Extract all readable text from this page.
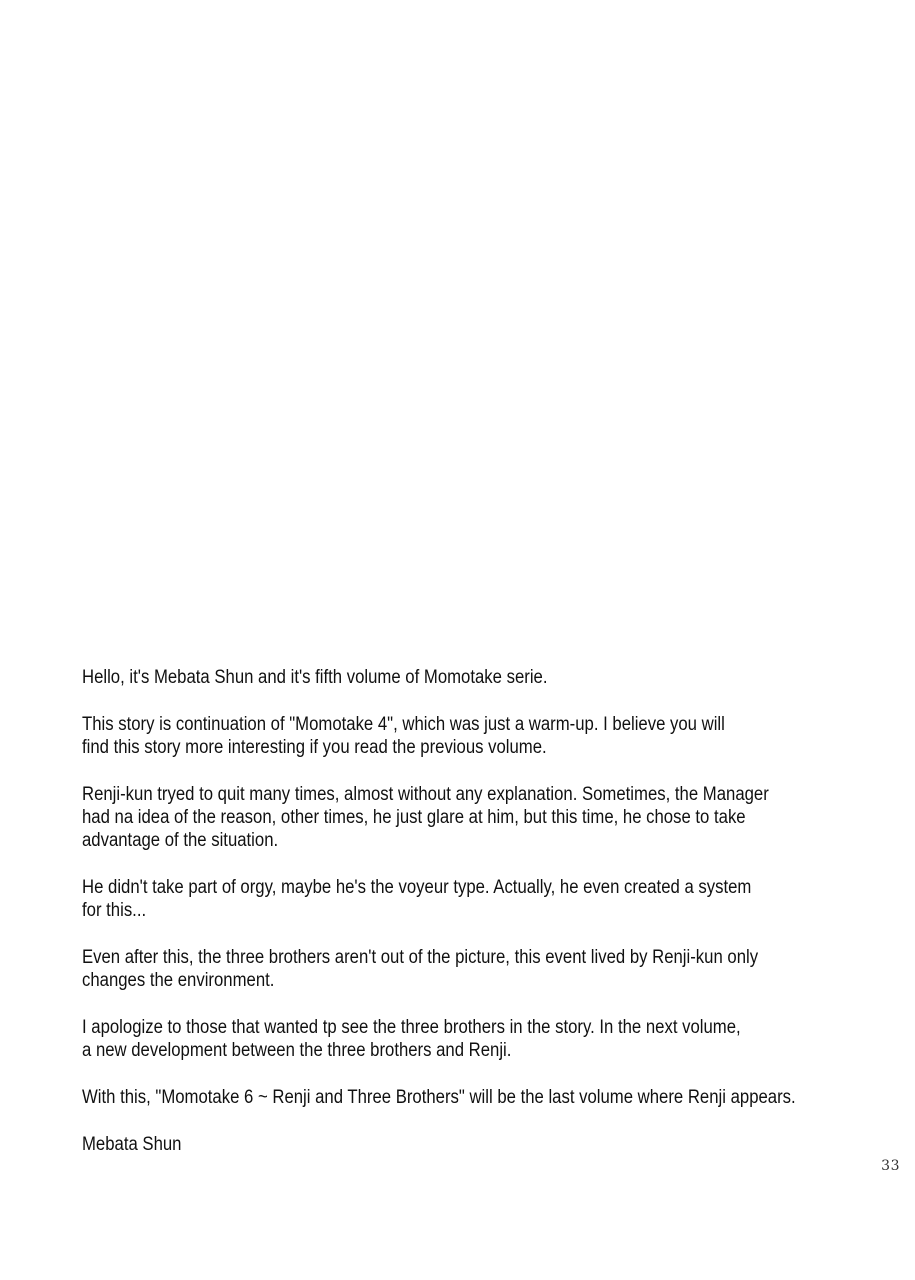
Hello, it's Mebata Shun and it's fifth volume of Momotake serie.

This story is continuation of "Momotake 4", which was just a warm-up. I believe you will
find this story more interesting if you read the previous volume.

Renji-kun tryed to quit many times, almost without any explanation. Sometimes, the Manager
had na idea of the reason, other times, he just glare at him, but this time, he chose to take
advantage of the situation.

He didn't take part of orgy, maybe he's the voyeur type. Actually, he even created a system
for this...

Even after this, the three brothers aren't out of the picture, this event lived by Renji-kun only
changes the environment.

I apologize to those that wanted tp see the three brothers in the story. In the next volume,
a new development between the three brothers and Renji.

With this, "Momotake 6 ~ Renji and Three Brothers" will be the last volume where Renji appears.

Mebata Shun

33
